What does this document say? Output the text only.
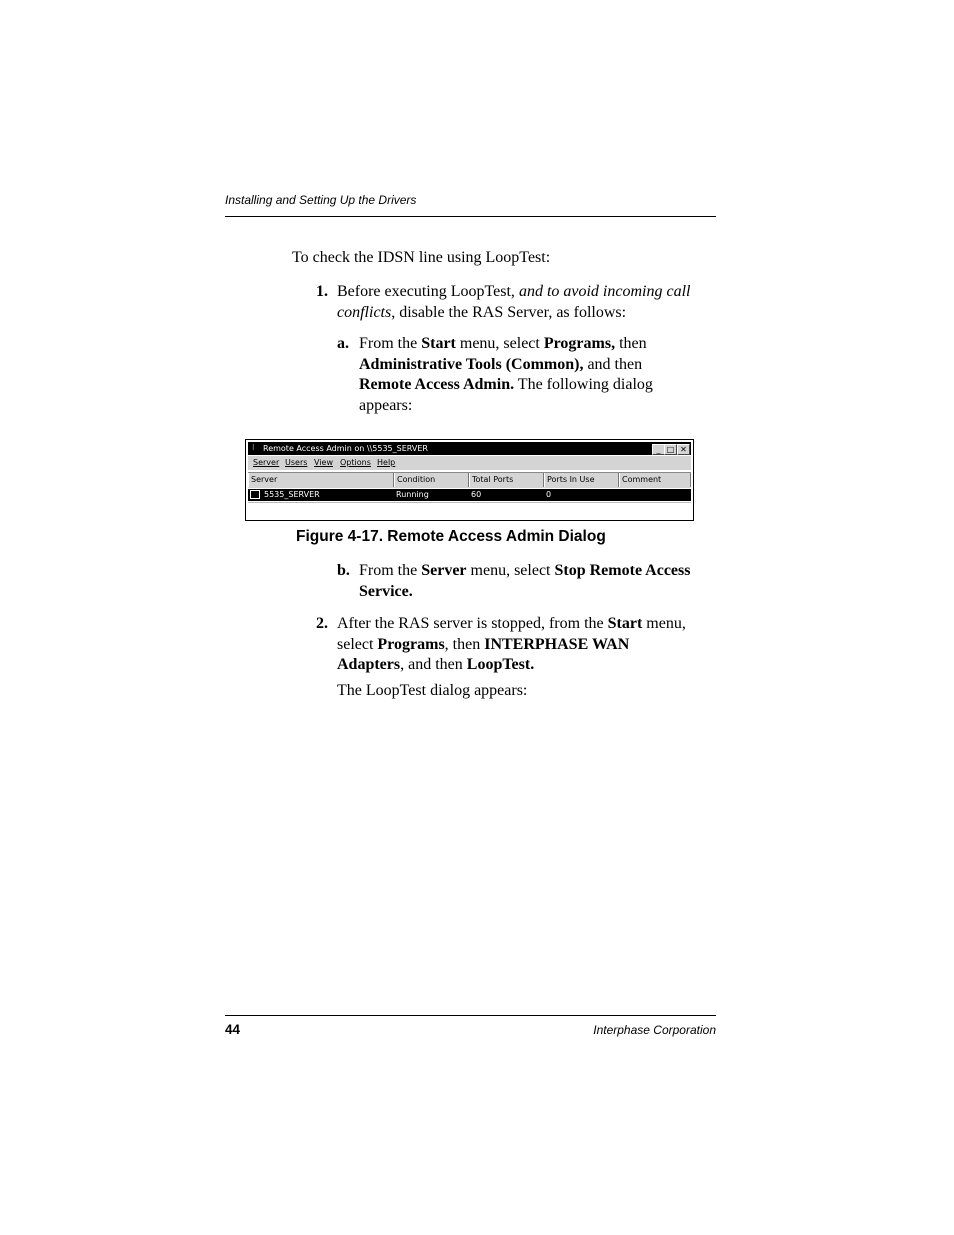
Installing and Setting Up the Drivers
To check the IDSN line using LoopTest:
1. Before executing LoopTest, and to avoid incoming call
conflicts, disable the RAS Server, as follows:
a. From the Start menu, select Programs, then
Administrative Tools (Common), and then
Remote Access Admin. The following dialog
appears:
⁝	Remote Access Admin on \\5535_SERVER	_ □ ✕
Server Users View Options Help
Server	Condition	Total Ports	Ports In Use	Comment
5535_SERVER	Running	60	0
Figure 4-17. Remote Access Admin Dialog
b. From the Server menu, select Stop Remote Access
Service.
2. After the RAS server is stopped, from the Start menu,
select Programs, then INTERPHASE WAN
Adapters, and then LoopTest.
The LoopTest dialog appears:
44	Interphase Corporation
